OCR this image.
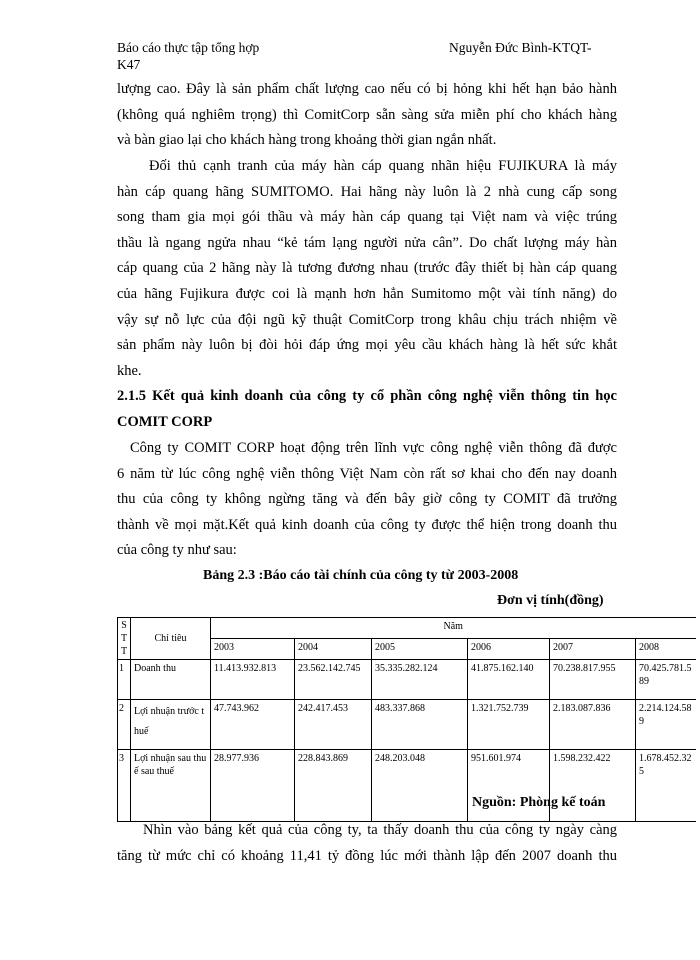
Báo cáo thực tập tổng hợp	Nguyễn Đức Bình-KTQT-
K47
lượng cao. Đây là sản phẩm chất lượng cao nếu có bị hỏng khi hết hạn bảo hành
(không quá nghiêm trọng) thì ComitCorp sẵn sàng sửa miễn phí cho khách hàng
và bàn giao lại cho khách hàng trong khoảng thời gian ngắn nhất.
Đối thủ cạnh tranh của máy hàn cáp quang nhãn hiệu FUJIKURA là máy
hàn cáp quang hãng SUMITOMO. Hai hãng này luôn là 2 nhà cung cấp song
song tham gia mọi gói thầu và máy hàn cáp quang tại Việt nam và việc trúng
thầu là ngang ngửa nhau “kẻ tám lạng người nửa cân”. Do chất lượng máy hàn
cáp quang của 2 hãng này là tương đương nhau (trước đây thiết bị hàn cáp quang
của hãng Fujikura được coi là mạnh hơn hẳn Sumitomo một vài tính năng) do
vậy sự nỗ lực của đội ngũ kỹ thuật ComitCorp trong khâu chịu trách nhiệm về
sản phẩm này luôn bị đòi hỏi đáp ứng mọi yêu cầu khách hàng là hết sức khắt
khe.
2.1.5 Kết quả kinh doanh của công ty cổ phần công nghệ viễn thông tin học
COMIT CORP
Công ty COMIT CORP hoạt động trên lĩnh vực công nghệ viễn thông đã được
6 năm từ lúc công nghệ viễn thông Việt Nam còn rất sơ khai cho đến nay doanh
thu của công ty không ngừng tăng và đến bây giờ công ty COMIT đã trưởng
thành về mọi mặt.Kết quả kinh doanh của công ty được thể hiện trong doanh thu
của công ty như sau:
Bảng 2.3 :Báo cáo tài chính của công ty từ 2003-2008
Đơn vị tính(đồng)
STT	Chỉ tiêu	Năm					
		2003	2004	2005	2006	2007	2008
1	Doanh thu	11.413.932.813	23.562.142.745	35.335.282.124	41.875.162.140	70.238.817.955	70.425.781.589
2	Lợi nhuận trước thuế	47.743.962	242.417.453	483.337.868	1.321.752.739	2.183.087.836	2.214.124.589
3	Lợi nhuận sau thuế sau thuế	28.977.936	228.843.869	248.203.048	951.601.974	1.598.232.422	1.678.452.325
Nguồn: Phòng kế toán
Nhìn vào bảng kết quả của công ty, ta thấy doanh thu của công ty ngày càng
tăng từ mức chỉ có khoảng 11,41 tỷ đồng lúc mới thành lập đến 2007 doanh thu
